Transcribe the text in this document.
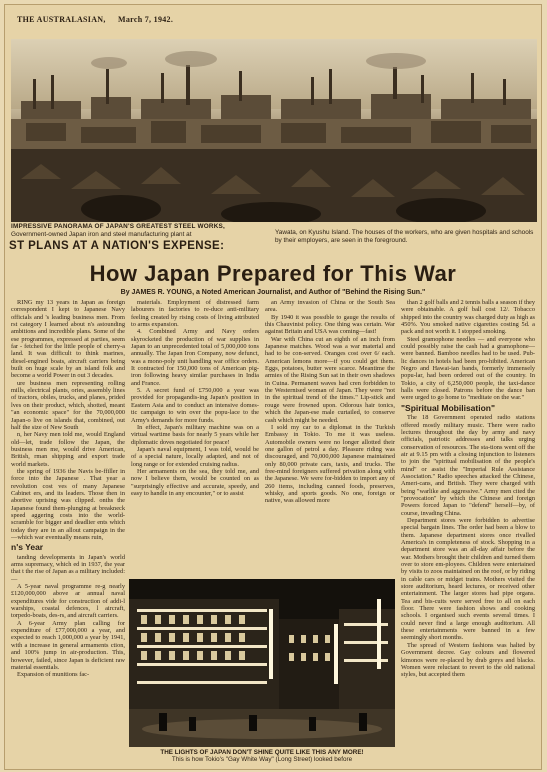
THE AUSTRALASIAN, March 7, 1942.
IMPRESSIVE PANORAMA OF JAPAN'S GREATEST STEEL WORKS,
Government-owned Japan iron and steel manufacturing plant at	Yawata, on Kyushu Island. The houses of the workers, who are given hospitals and schools by their employers, are seen in the foreground.
ST PLANS AT A NATION'S EXPENSE:
How Japan Prepared for This War
By JAMES R. YOUNG, a Noted American Journalist, and Author of "Behind the Rising Sun."

RING my 13 years in Japan as foreign correspondent I kept to Japanese Navy officials and 's leading business men. From rst category I learned about n's astounding ambitions and incredible plans. Some of the ese programmes, expressed at parties, seem far - fetched for the little people of cherry-a land. It was difficult to think marines, diesel-engined boats, aircraft carriers being built on huge scale by an island folk and become a world Power in out 3 decades.

ure business men representing rolling mills, electrical plants, ories, assembly lines of tractors, obiles, trucks, and planes, prided lves on their product, which, shotted, meant "an economic space" for the 70,000,000 Japan-o live on islands that, combined, out half the size of New South

n, her Navy men told me, would England old—let, trade follow the Japan, the business men me, would drive American, British, rman shipping and export trade world markets.

the spring of 1936 the Navis be-ffiller in force into the Japanese . That year a revolution cost ves of many Japanese Cabinet ers, and its leaders. Those then in abortive uprising was clipped. onths the Japanese found them-plunging at breakneck speed aggering costs into the world-scramble for bigger and deadlier ents which today they are in an allout campaign in the —which war eventually means ruin,

n's Year

tanding developments in Japan's world arms supremacy, which ed in 1937, the year that t the rise of Japan as a military included:—

A 5-year naval programme re-g nearly £120,000,000 above ar annual naval expenditures vide for construction of addi-l warships, coastal defences, l aircraft, torpedo-boats, des-rs, and aircraft carriers.

A 6-year Army plan calling for expenditure of £77,000,000 a year, and expected to reach 1,000,000 a year by 1941, with a increase in general armaments ction, and 100% jump in air-production. This, however, failed, since Japan is deficient raw material essentials.

Expansion of munitions fac-

materials. Employment of distressed farm labourers in factories to re-duce anti-military feeling created by rising costs of living attributed to arms expansion.

4. Combined Army and Navy orders skyrocketed the production of war supplies in Japan to an unprecedented total of 5,000,000 tons annually. The Japan Iron Company, now defunct, was a mono-poly unit handling war office orders. It contracted for 150,000 tons of American pig-iron following heavy similar purchases in India and France.

5. A secret fund of £750,000 a year was provided for propagandis-ing Japan's position in Eastern Asia and to conduct an intensive domes-tic campaign to win over the popu-lace to the Army's demands for more funds.

In effect, Japan's military machine was on a virtual wartime basis for nearly 5 years while her diplomatic doves negotiated for peace!

Japan's naval equipment, I was told, would be of a special nature, locally adapted, and not of long range or for extended cruising radius.

Her armaments on the sea, they told me, and now I believe them, would be counted on as "surprisingly effective and accurate, speedy, and easy to handle in any encounter," or to assist

an Army invasion of China or the South Sea area.

By 1940 it was possible to gauge the results of this Chauvinist policy. One thing was certain. War against Britain and USA was coming—fast!

War with China cut an eighth of an inch from Japanese matches. Wood was a war material and had to be con-served. Oranges cost over 6/ each. American lemons more—if you could get them. Eggs, potatoes, butter were scarce. Meantime the armies of the Rising Sun sat in their own shadows in Cuina. Permanent waves had cren forbidden to the Westernised woman of Japan. They were "not in the spiritual trend of the times." Lip-stick and rouge were frowned upon. Odorous hair tonics, which the Japan-ese male curtailed, to conserve cash which might be needed.

I sold my car to a diplomat in the Turkish Embassy in Tokio. To me it was useless. Automobile owners were no longer allotted their one gallon of petrol a day. Pleasure riding was discouraged, and 70,000,000 Japanese maintained only 80,000 private cars, taxis, and trucks. The free-mind foreigners suffered privation along with the Japanese. We were for-bidden to import any of 260 items, including canned foods, preserves, whisky, and sports goods. No one, foreign or native, was allowed more

than 2 golf balls and 2 tennis balls a season if they were obtainable. A golf ball cost 12/. Tobacco shipped into the country was charged duty as high as 450%. You smoked native cigarettes costing 5d. a pack and not worth it. I stopped smoking.

Steel gramophone needles — and everyone who could possibly raise the cash had a gramophone—were banned. Bamboo needles had to be used. Pub-lic dances in hotels had been pro-hibited. American Negro and Hawai-ian bands, formerly immensely popu-lar, had been ordered out of the country. In Tokio, a city of 6,250,000 people, the taxi-dance halls were closed. Patrons before the dance ban were urged to go home to "meditate on the war."

"Spiritual Mobilisation"

The 18 Government operated radio stations offered mostly military music. There were radio lectures throughout the day by army and navy officials, patriotic addresses and talks urging conservation of resources. The sta-tions went off the air at 9.15 pm with a closing injunction to listeners to join the "spiritual mobilisation of the people's mind" or assist the "Imperial Rule Assistance Association." Radio speeches attacked the Chinese, Ameri-cans, and British. They were charged with being "warlike and aggressive." Army men cited the "provocation" by which the Chinese and foreign Powers forced Japan to "defend" herself—by, of course, invading China.

Department stores were forbidden to advertise special bargain lines. The order had been a blow to them. Japanese department stores once rivalled America's in completeness of stock. Shopping in a department store was an all-day affair before the war. Mothers brought their children and turned them over to store em-ployees. Children were entertained by visits to zoos maintained on the roof, or by riding in cable cars or midget trains. Mothers visited the store auditorium, heard lectures, or received other entertainment. The larger stores had pipe organs. Tea and bis-cuits were served free to all on each floor. There were fashion shows and cooking schools. I organised such events several times. I could never find a large enough auditorium. All these entertainments were banned in a few seemingly short months.

The spread of Western fashions was halted by Government decree. Gay colours and flowered kimonos were re-placed by drab greys and blacks. Women were reluctant to revert to the old national styles, but accepted them

THE LIGHTS OF JAPAN DON'T SHINE QUITE LIKE THIS ANY MORE!
This is how Tokio's "Gay White Way" (Long Street) looked before
